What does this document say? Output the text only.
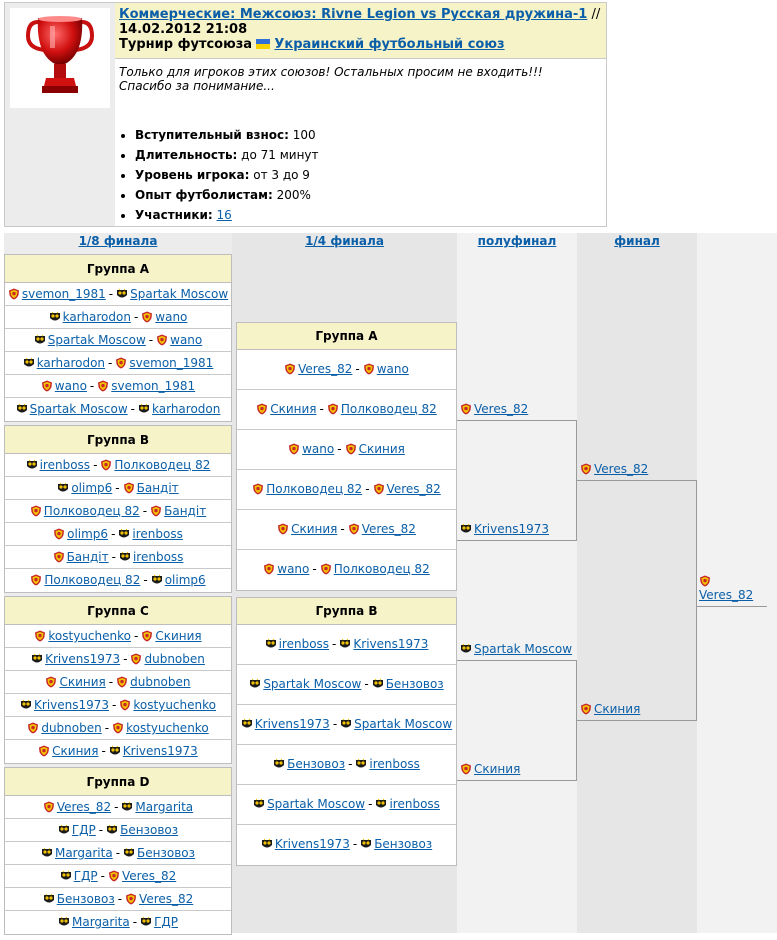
Коммерческие: Межсоюз: Rivne Legion vs Русская дружина-1 // 14.02.2012 21:08
Турнир футсоюза Украинский футбольный союз
Только для игроков этих союзов! Остальных просим не входить!!!
Спасибо за понимание...
• Вступительный взнос: 100
• Длительность: до 71 минут
• Уровень игрока: от 3 до 9
• Опыт футболистам: 200%
• Участники: 16
1/8 финала	1/4 финала	полуфинал	финал
Группа A
svemon_1981 - Spartak Moscow
karharodon - wano
Spartak Moscow - wano
karharodon - svemon_1981
wano - svemon_1981
Spartak Moscow - karharodon
Группа B
irenboss - Полководец 82
olimp6 - Бандiт
Полководец 82 - Бандiт
olimp6 - irenboss
Бандiт - irenboss
Полководец 82 - olimp6
Группа C
kostyuchenko - Скиния
Krivens1973 - dubnoben
Скиния - dubnoben
Krivens1973 - kostyuchenko
dubnoben - kostyuchenko
Скиния - Krivens1973
Группа D
Veres_82 - Margarita
ГДР - Бензовоз
Margarita - Бензовоз
ГДР - Veres_82
Бензовоз - Veres_82
Margarita - ГДР
Группа A
Veres_82 - wano
Скиния - Полководец 82
wano - Скиния
Полководец 82 - Veres_82
Скиния - Veres_82
wano - Полководец 82
Группа B
irenboss - Krivens1973
Spartak Moscow - Бензовоз
Krivens1973 - Spartak Moscow
Бензовоз - irenboss
Spartak Moscow - irenboss
Krivens1973 - Бензовоз
Veres_82
Krivens1973
Spartak Moscow
Скиния
Veres_82
Скиния

Veres_82
